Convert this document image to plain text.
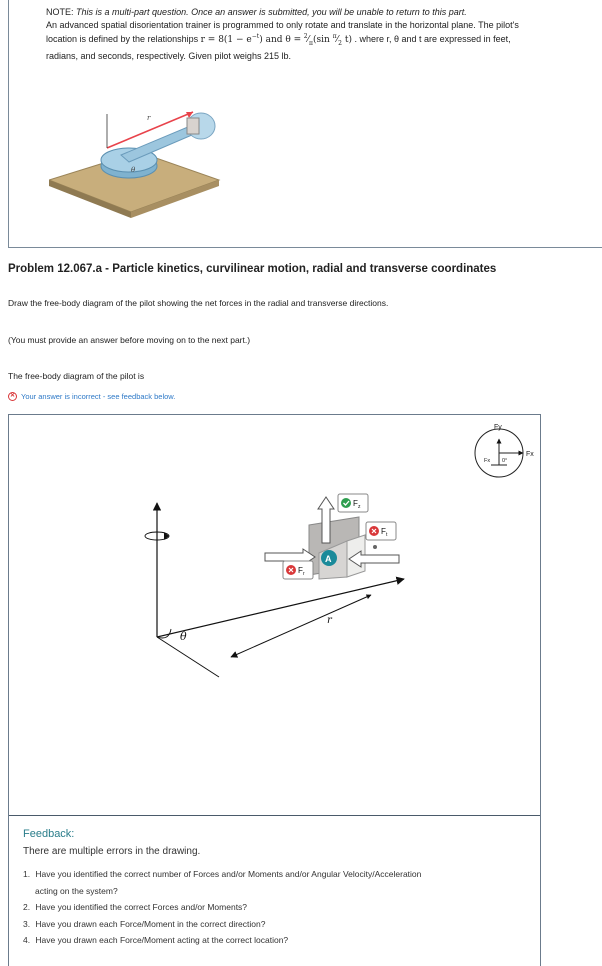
NOTE: This is a multi-part question. Once an answer is submitted, you will be unable to return to this part.
An advanced spatial disorientation trainer is programmed to only rotate and translate in the horizontal plane. The pilot's
location is defined by the relationships $r = 8(1 - e^{-t})$ and $\theta = ^2⁄_\pi(\sin$ $^\pi⁄_2$ t) . where r, θ and t are expressed in feet,
radians, and seconds, respectively. Given pilot weighs 215 lb.
r
θ
Problem 12.067.a - Particle kinetics, curvilinear motion, radial and transverse coordinates
Draw the free-body diagram of the pilot showing the net forces in the radial and transverse directions.
(You must provide an answer before moving on to the next part.)
The free-body diagram of the pilot is
✕ Your answer is incorrect - see feedback below.
θ
r
F z
F r
F t
A
Fy
Fx
Fx 0°
Feedback:
There are multiple errors in the drawing.
1. Have you identified the correct number of Forces and/or Moments and/or Angular Velocity/Acceleration
acting on the system?
2. Have you identified the correct Forces and/or Moments?
3. Have you drawn each Force/Moment in the correct direction?
4. Have you drawn each Force/Moment acting at the correct location?
